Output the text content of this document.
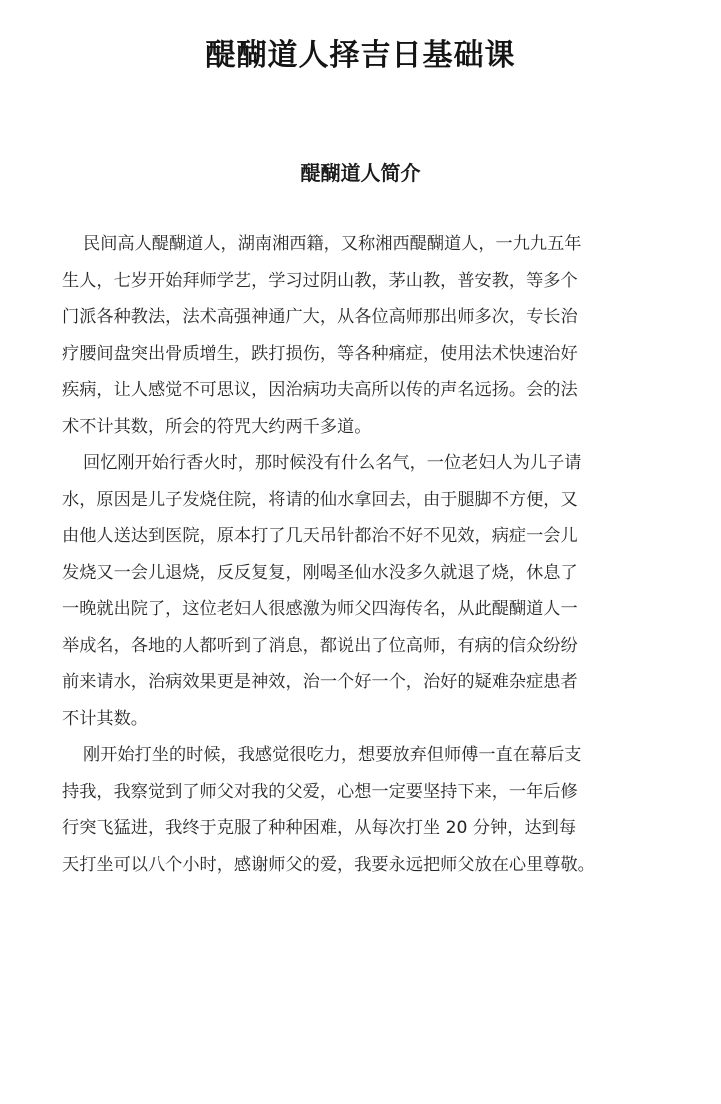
醍醐道人择吉日基础课
醍醐道人简介
民间高人醍醐道人，湖南湘西籍，又称湘西醍醐道人，一九九五年
生人，七岁开始拜师学艺，学习过阴山教，茅山教，普安教，等多个
门派各种教法，法术高强神通广大，从各位高师那出师多次，专长治
疗腰间盘突出骨质增生，跌打损伤，等各种痛症，使用法术快速治好
疾病，让人感觉不可思议，因治病功夫高所以传的声名远扬。会的法
术不计其数，所会的符咒大约两千多道。
回忆刚开始行香火时，那时候没有什么名气，一位老妇人为儿子请
水，原因是儿子发烧住院，将请的仙水拿回去，由于腿脚不方便，又
由他人送达到医院，原本打了几天吊针都治不好不见效，病症一会儿
发烧又一会儿退烧，反反复复，刚喝圣仙水没多久就退了烧，休息了
一晚就出院了，这位老妇人很感激为师父四海传名，从此醍醐道人一
举成名，各地的人都听到了消息，都说出了位高师，有病的信众纷纷
前来请水，治病效果更是神效，治一个好一个，治好的疑难杂症患者
不计其数。
刚开始打坐的时候，我感觉很吃力，想要放弃但师傅一直在幕后支
持我，我察觉到了师父对我的父爱，心想一定要坚持下来，一年后修
行突飞猛进，我终于克服了种种困难，从每次打坐 20 分钟，达到每
天打坐可以八个小时，感谢师父的爱，我要永远把师父放在心里尊敬。
